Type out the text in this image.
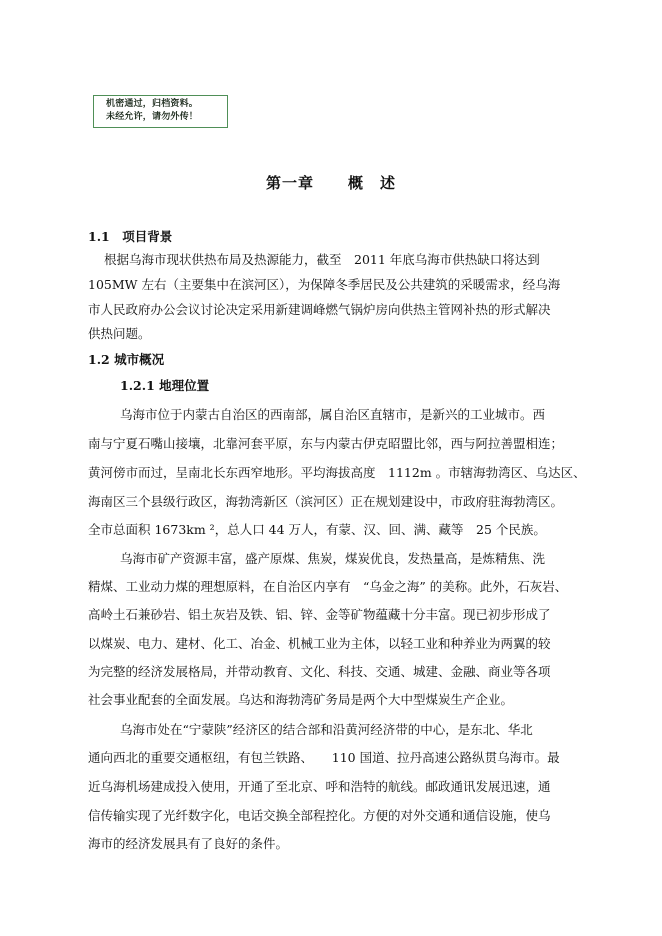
机密通过，归档资料。
未经允许，请勿外传！
第一章 概　述
1.1　项目背景
根据乌海市现状供热布局及热源能力，截至　2011 年底乌海市供热缺口将达到
105MW 左右（主要集中在滨河区），为保障冬季居民及公共建筑的采暖需求，经乌海
市人民政府办公会议讨论决定采用新建调峰燃气锅炉房向供热主管网补热的形式解决
供热问题。
1.2 城市概况
1.2.1 地理位置
乌海市位于内蒙古自治区的西南部，属自治区直辖市，是新兴的工业城市。西
南与宁夏石嘴山接壤，北靠河套平原，东与内蒙古伊克昭盟比邻，西与阿拉善盟相连；
黄河傍市而过，呈南北长东西窄地形。平均海拔高度　1112m 。市辖海勃湾区、乌达区、
海南区三个县级行政区，海勃湾新区（滨河区）正在规划建设中，市政府驻海勃湾区。
全市总面积 1673km ²，总人口 44 万人，有蒙、汉、回、满、藏等　25 个民族。
乌海市矿产资源丰富，盛产原煤、焦炭，煤炭优良，发热量高，是炼精焦、洗
精煤、工业动力煤的理想原料，在自治区内享有　“乌金之海” 的美称。此外，石灰岩、
高岭土石兼砂岩、铝土灰岩及铁、铝、锌、金等矿物蕴藏十分丰富。现已初步形成了
以煤炭、电力、建材、化工、冶金、机械工业为主体，以轻工业和种养业为两翼的较
为完整的经济发展格局，并带动教育、文化、科技、交通、城建、金融、商业等各项
社会事业配套的全面发展。乌达和海勃湾矿务局是两个大中型煤炭生产企业。
乌海市处在“宁蒙陕”经济区的结合部和沿黄河经济带的中心，是东北、华北
通向西北的重要交通枢纽，有包兰铁路、　　110 国道、拉丹高速公路纵贯乌海市。最
近乌海机场建成投入使用，开通了至北京、呼和浩特的航线。邮政通讯发展迅速，通
信传输实现了光纤数字化，电话交换全部程控化。方便的对外交通和通信设施，使乌
海市的经济发展具有了良好的条件。
